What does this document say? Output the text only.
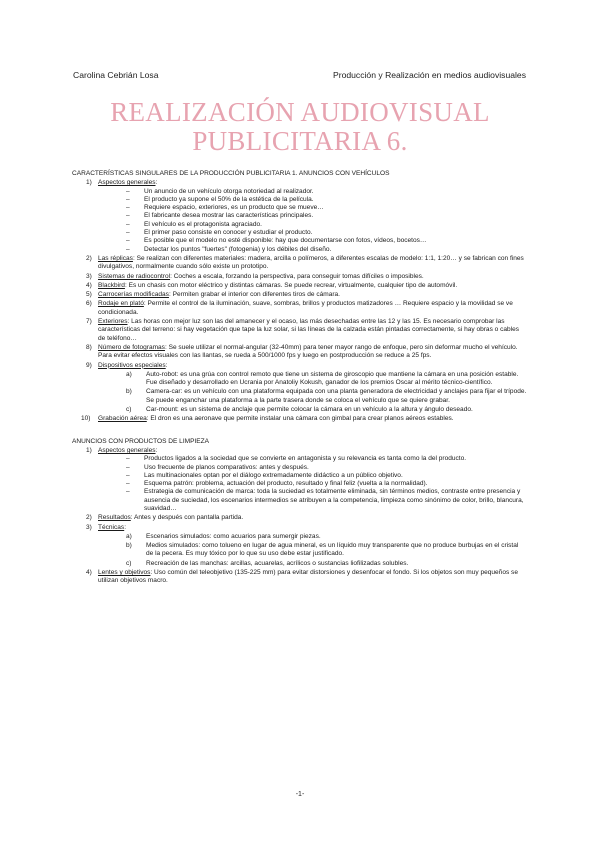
Carolina Cebrián Losa	Producción y Realización en medios audiovisuales
REALIZACIÓN AUDIOVISUAL
PUBLICITARIA 6.
CARACTERÍSTICAS SINGULARES DE LA PRODUCCIÓN PUBLICITARIA 1. ANUNCIOS CON VEHÍCULOS
1) Aspectos generales:
–	Un anuncio de un vehículo otorga notoriedad al realizador.
–	El producto ya supone el 50% de la estética de la película.
–	Requiere espacio, exteriores, es un producto que se mueve…
–	El fabricante desea mostrar las características principales.
–	El vehículo es el protagonista agraciado.
–	El primer paso consiste en conocer y estudiar el producto.
–	Es posible que el modelo no esté disponible: hay que documentarse con fotos, vídeos, bocetos…
–	Detectar los puntos "fuertes" (fotogenia) y los débiles del diseño.
2) Las réplicas: Se realizan con diferentes materiales: madera, arcilla o polímeros, a diferentes escalas de modelo: 1:1, 1:20… y se fabrican con fines divulgativos, normalmente cuando sólo existe un prototipo.
3) Sistemas de radiocontrol: Coches a escala, forzando la perspectiva, para conseguir tomas difíciles o imposibles.
4) Blackbird: Es un chasis con motor eléctrico y distintas cámaras. Se puede recrear, virtualmente, cualquier tipo de automóvil.
5) Carrocerías modificadas: Permiten grabar el interior con diferentes tiros de cámara.
6) Rodaje en plató: Permite el control de la iluminación, suave, sombras, brillos y productos matizadores … Requiere espacio y la movilidad se ve condicionada.
7) Exteriores: Las horas con mejor luz son las del amanecer y el ocaso, las más desechadas entre las 12 y las 15. Es necesario comprobar las características del terreno: si hay vegetación que tape la luz solar, si las líneas de la calzada están pintadas correctamente, si hay obras o cables de teléfono…
8) Número de fotogramas: Se suele utilizar el normal-angular (32-40mm) para tener mayor rango de enfoque, pero sin deformar mucho el vehículo. Para evitar efectos visuales con las llantas, se rueda a 500/1000 fps y luego en postproducción se reduce a 25 fps.
9) Dispositivos especiales:
a)	Auto-robot: es una grúa con control remoto que tiene un sistema de giroscopio que mantiene la cámara en una posición estable. Fue diseñado y desarrollado en Ucrania por Anatoliy Kokush, ganador de los premios Oscar al mérito técnico-científico.
b)	Camera-car: es un vehículo con una plataforma equipada con una planta generadora de electricidad y anclajes para fijar el trípode. Se puede enganchar una plataforma a la parte trasera donde se coloca el vehículo que se quiere grabar.
c)	Car-mount: es un sistema de anclaje que permite colocar la cámara en un vehículo a la altura y ángulo deseado.
10)	Grabación aérea: El dron es una aeronave que permite instalar una cámara con gimbal para crear planos aéreos estables.
ANUNCIOS CON PRODUCTOS DE LIMPIEZA
1) Aspectos generales:
–	Productos ligados a la sociedad que se convierte en antagonista y su relevancia es tanta como la del producto.
–	Uso frecuente de planos comparativos: antes y después.
–	Las multinacionales optan por el diálogo extremadamente didáctico a un público objetivo.
–	Esquema patrón: problema, actuación del producto, resultado y final feliz (vuelta a la normalidad).
–	Estrategia de comunicación de marca: toda la suciedad es totalmente eliminada, sin términos medios, contraste entre presencia y ausencia de suciedad, los escenarios intermedios se atribuyen a la competencia, limpieza como sinónimo de color, brillo, blancura, suavidad…
2) Resultados: Antes y después con pantalla partida.
3) Técnicas:
a)	Escenarios simulados: como acuarios para sumergir piezas.
b)	Medios simulados: como tolueno en lugar de agua mineral, es un líquido muy transparente que no produce burbujas en el cristal de la pecera. Es muy tóxico por lo que su uso debe estar justificado.
c)	Recreación de las manchas: arcillas, acuarelas, acrílicos o sustancias liofilizadas solubles.
4) Lentes y objetivos: Uso común del teleobjetivo (135-225 mm) para evitar distorsiones y desenfocar el fondo. Si los objetos son muy pequeños se utilizan objetivos macro.
-1-
